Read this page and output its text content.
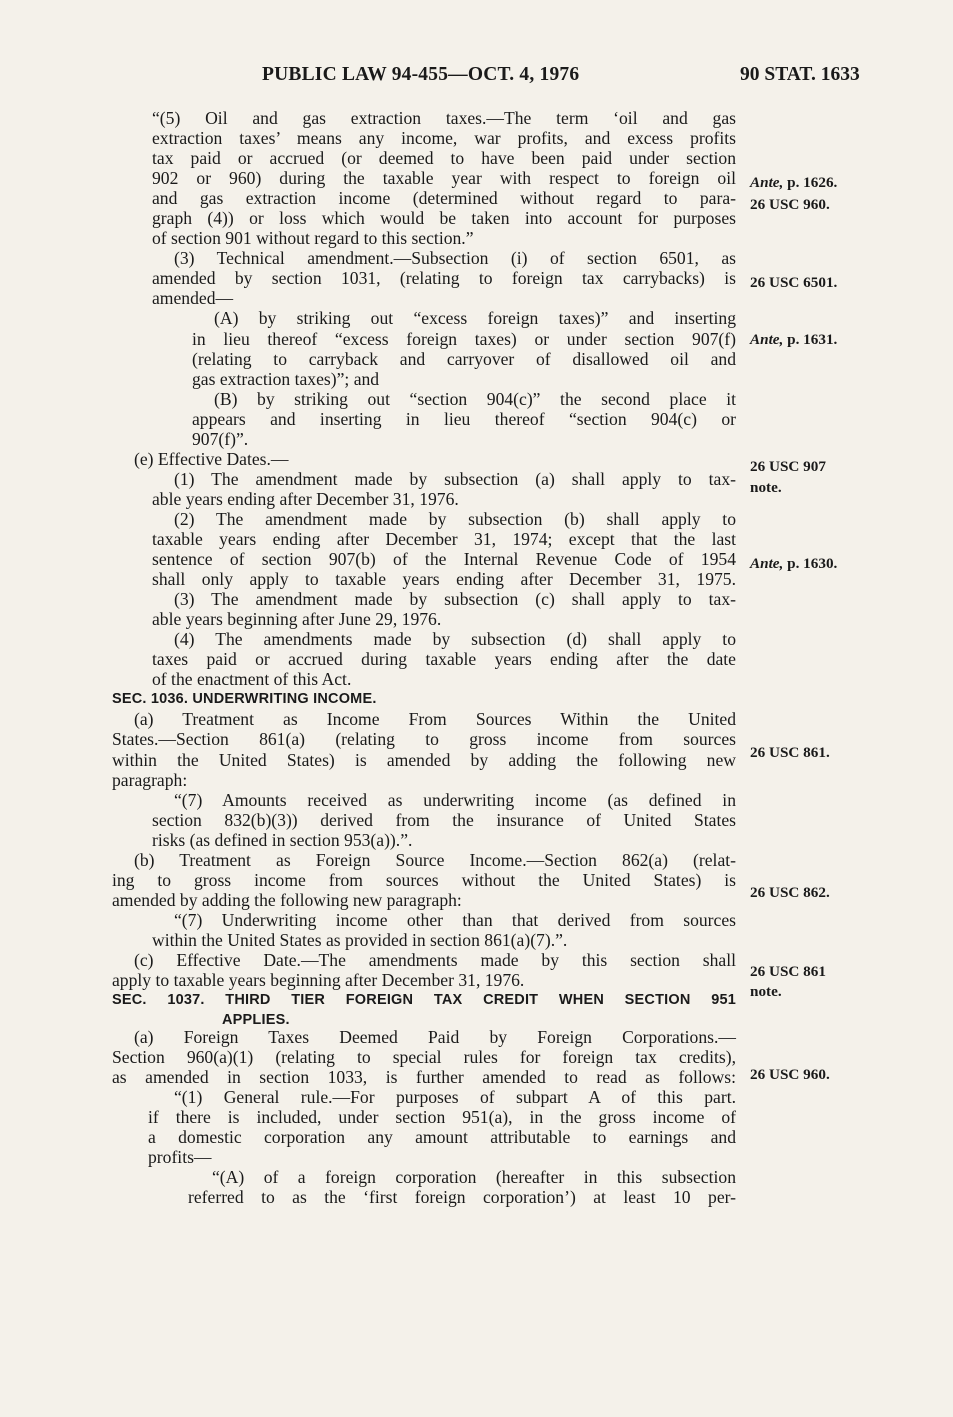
PUBLIC LAW 94-455—OCT. 4, 1976	90 STAT. 1633
“(5) Oil and gas extraction taxes.—The term ‘oil and gas
extraction taxes’ means any income, war profits, and excess profits
tax paid or accrued (or deemed to have been paid under section
902 or 960) during the taxable year with respect to foreign oil
and gas extraction income (determined without regard to para-
graph (4)) or loss which would be taken into account for purposes
of section 901 without regard to this section.”
(3) Technical amendment.—Subsection (i) of section 6501, as
amended by section 1031, (relating to foreign tax carrybacks) is
amended—
(A) by striking out “excess foreign taxes)” and inserting
in lieu thereof “excess foreign taxes) or under section 907(f)
(relating to carryback and carryover of disallowed oil and
gas extraction taxes)”; and
(B) by striking out “section 904(c)” the second place it
appears and inserting in lieu thereof “section 904(c) or
907(f)”.
(e) Effective Dates.—
(1) The amendment made by subsection (a) shall apply to tax-
able years ending after December 31, 1976.
(2) The amendment made by subsection (b) shall apply to
taxable years ending after December 31, 1974; except that the last
sentence of section 907(b) of the Internal Revenue Code of 1954
shall only apply to taxable years ending after December 31, 1975.
(3) The amendment made by subsection (c) shall apply to tax-
able years beginning after June 29, 1976.
(4) The amendments made by subsection (d) shall apply to
taxes paid or accrued during taxable years ending after the date
of the enactment of this Act.
SEC. 1036. UNDERWRITING INCOME.
(a) Treatment as Income From Sources Within the United
States.—Section 861(a) (relating to gross income from sources
within the United States) is amended by adding the following new
paragraph:
“(7) Amounts received as underwriting income (as defined in
section 832(b)(3)) derived from the insurance of United States
risks (as defined in section 953(a)).”.
(b) Treatment as Foreign Source Income.—Section 862(a) (relat-
ing to gross income from sources without the United States) is
amended by adding the following new paragraph:
“(7) Underwriting income other than that derived from sources
within the United States as provided in section 861(a)(7).”.
(c) Effective Date.—The amendments made by this section shall
apply to taxable years beginning after December 31, 1976.
SEC. 1037. THIRD TIER FOREIGN TAX CREDIT WHEN SECTION 951
APPLIES.
(a) Foreign Taxes Deemed Paid by Foreign Corporations.—
Section 960(a)(1) (relating to special rules for foreign tax credits),
as amended in section 1033, is further amended to read as follows:
“(1) General rule.—For purposes of subpart A of this part.
if there is included, under section 951(a), in the gross income of
a domestic corporation any amount attributable to earnings and
profits—
“(A) of a foreign corporation (hereafter in this subsection
referred to as the ‘first foreign corporation’) at least 10 per-
Ante, p. 1626.
26 USC 960.
26 USC 6501.
Ante, p. 1631.
26 USC 907
note.
Ante, p. 1630.
26 USC 861.
26 USC 862.
26 USC 861
note.
26 USC 960.
